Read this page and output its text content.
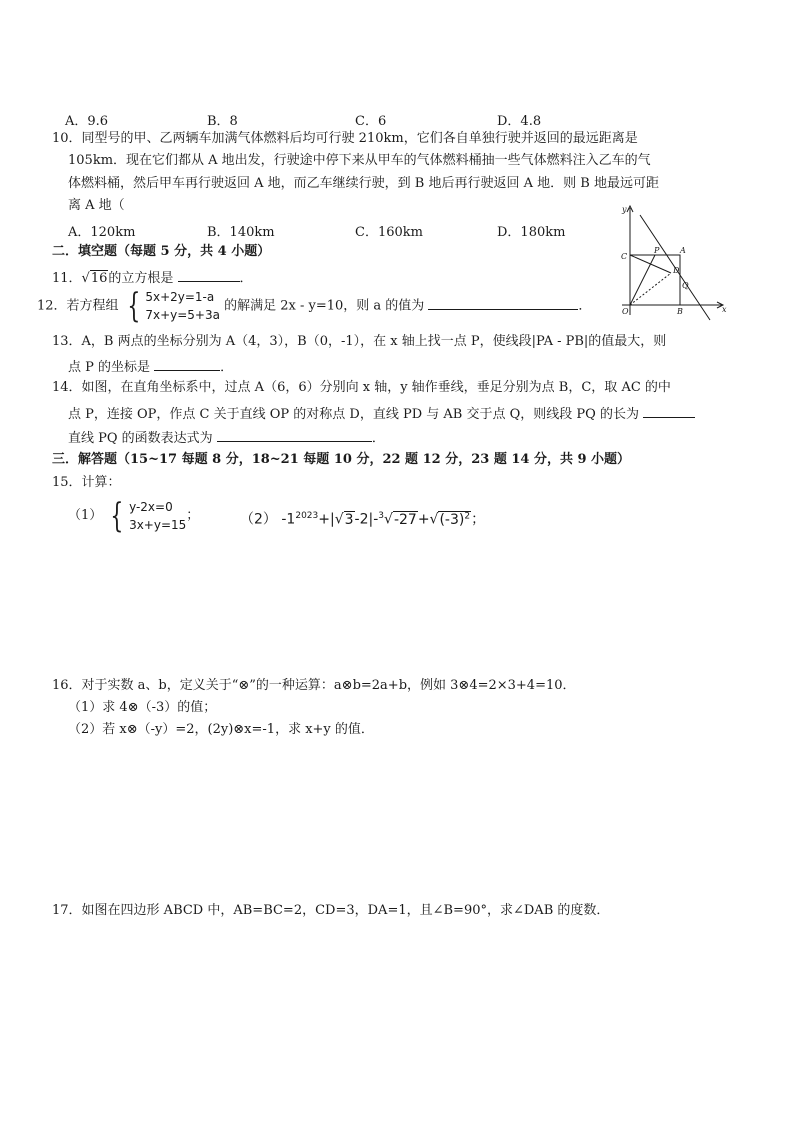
A．9.6	B．8	C．6	D．4.8
10．同型号的甲、乙两辆车加满气体燃料后均可行驶 210km，它们各自单独行驶并返回的最远距离是
105km．现在它们都从 A 地出发，行驶途中停下来从甲车的气体燃料桶抽一些气体燃料注入乙车的气
体燃料桶，然后甲车再行驶返回 A 地，而乙车继续行驶，到 B 地后再行驶返回 A 地．则 B 地最远可距
离 A 地（
A．120km	B．140km	C．160km	D．180km
二．填空题（每题 5 分，共 4 小题）
11．√16的立方根是	．
12．若方程组 { 5x+2y=1-a
7x+y=5+3a
的解满足 2x - y=10，则 a 的值为	．
13．A，B 两点的坐标分别为 A（4，3），B（0，-1），在 x 轴上找一点 P，使线段|PA - PB|的值最大，则
点 P 的坐标是	．
14．如图，在直角坐标系中，过点 A（6，6）分别向 x 轴，y 轴作垂线，垂足分别为点 B，C，取 AC 的中
点 P，连接 OP，作点 C 关于直线 OP 的对称点 D，直线 PD 与 AB 交于点 Q，则线段 PQ 的长为
直线 PQ 的函数表达式为	．
三．解答题（15~17 每题 8 分，18~21 每题 10 分，22 题 12 分，23 题 14 分，共 9 小题）
15．计算：
（1） { y-2x=0
3x+y=15
；	（2） $-1^{2023}+|√3-2|-^3√-27+√(-3)^2$；
16．对于实数 a、b，定义关于“⊗”的一种运算：a⊗b=2a+b，例如 3⊗4=2×3+4=10．
（1）求 4⊗（-3）的值；
（2）若 x⊗（-y）=2，(2y)⊗x=-1，求 x+y 的值．
17．如图在四边形 ABCD 中，AB=BC=2，CD=3，DA=1，且∠B=90°，求∠DAB 的度数．
y
C
P	A
D
Q
O	B	x
